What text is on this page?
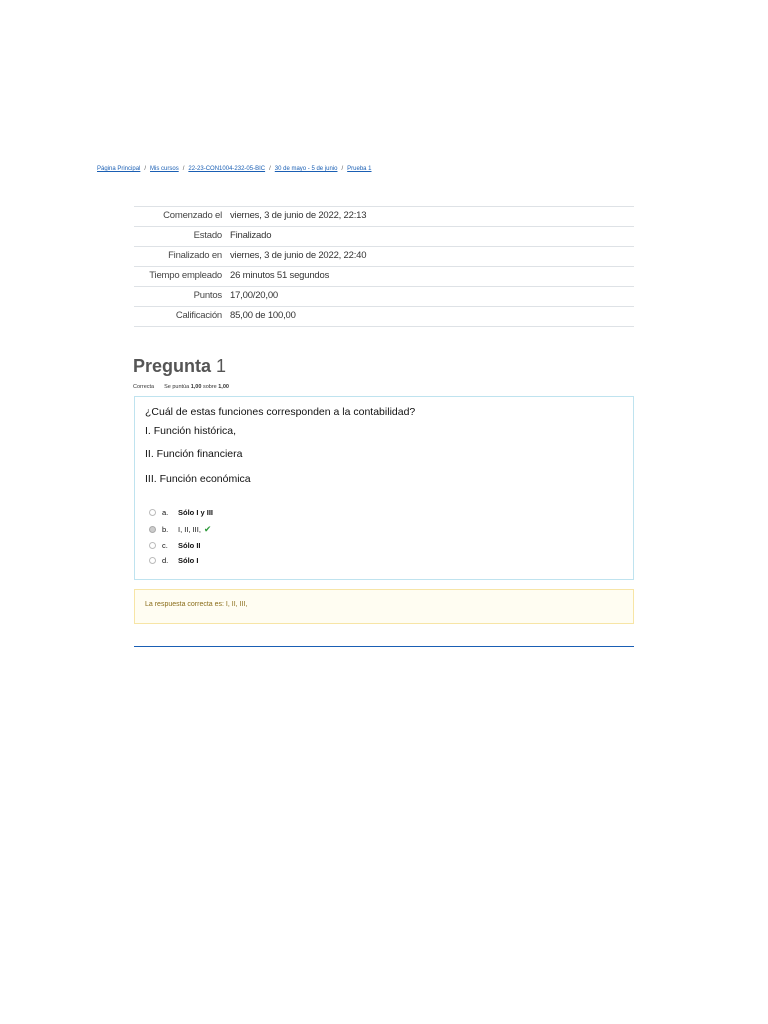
Página Principal / Mis cursos / 22-23-CON1004-232-05-BIC / 30 de mayo - 5 de junio / Prueba 1
Comenzado el	viernes, 3 de junio de 2022, 22:13
Estado	Finalizado
Finalizado en	viernes, 3 de junio de 2022, 22:40
Tiempo empleado	26 minutos 51 segundos
Puntos	17,00/20,00
Calificación	85,00 de 100,00
Pregunta 1
Correcta Se puntúa 1,00 sobre 1,00
¿Cuál de estas funciones corresponden a la contabilidad?
I. Función histórica,
II. Función financiera
III. Función económica
a.	Sólo I y III
b.	I, II, III, ✔
c.	Sólo II
d.	Sólo I
La respuesta correcta es: I, II, III,
